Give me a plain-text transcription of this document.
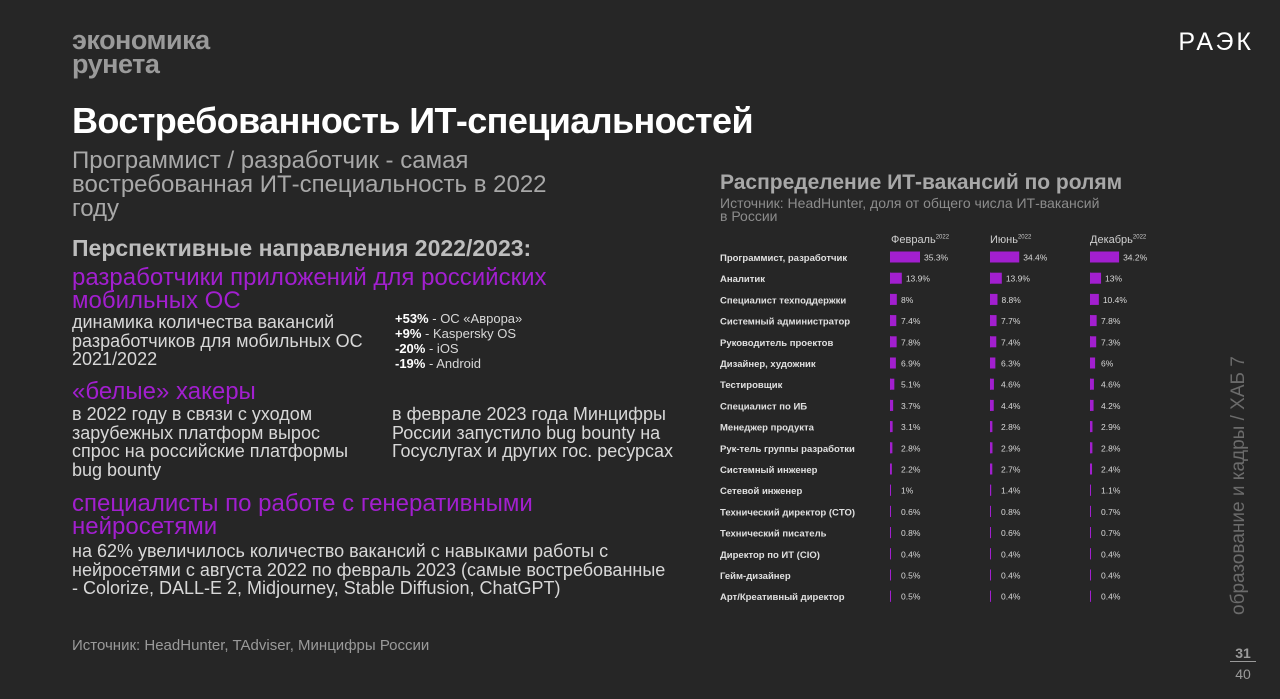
экономика
рунета
РАЭК
Востребованность ИТ-специальностей
Программист / разработчик - самая востребованная ИТ-специальность в 2022 году
Перспективные направления 2022/2023:
разработчики приложений для российских мобильных ОС
динамика количества вакансий разработчиков для мобильных ОС 2021/2022
+53% - ОС «Аврора»
+9% - Kaspersky OS
-20% - iOS
-19% - Android
«белые» хакеры
в 2022 году в связи с уходом зарубежных платформ вырос спрос на российские платформы bug bounty
в феврале 2023 года Минцифры России запустило bug bounty на Госуслугах и других гос. ресурсах
специалисты по работе с генеративными нейросетями
на 62% увеличилось количество вакансий с навыками работы с нейросетями с августа 2022 по февраль 2023 (самые востребованные - Colorize, DALL-E 2, Midjourney, Stable Diffusion, ChatGPT)
Источник: HeadHunter, TAdviser, Минцифры России
Распределение ИТ-вакансий по ролям
Источник: HeadHunter, доля от общего числа ИТ-вакансий в России
Февраль$^{2022}$	Июнь$^{2022}$	Декабрь$^{2022}$
Программист, разработчик	35.3%	34.4%	34.2%
Аналитик	13.9%	13.9%	13%
Специалист техподдержки	8%	8.8%	10.4%
Системный администратор	7.4%	7.7%	7.8%
Руководитель проектов	7.8%	7.4%	7.3%
Дизайнер, художник	6.9%	6.3%	6%
Тестировщик	5.1%	4.6%	4.6%
Специалист по ИБ	3.7%	4.4%	4.2%
Менеджер продукта	3.1%	2.8%	2.9%
Рук-тель группы разработки	2.8%	2.9%	2.8%
Системный инженер	2.2%	2.7%	2.4%
Сетевой инженер	1%	1.4%	1.1%
Технический директор (CTO)	0.6%	0.8%	0.7%
Технический писатель	0.8%	0.6%	0.7%
Директор по ИТ (CIO)	0.4%	0.4%	0.4%
Гейм-дизайнер	0.5%	0.4%	0.4%
Арт/Креативный директор	0.5%	0.4%	0.4%	образование и кадры / ХАБ 7
31
40
